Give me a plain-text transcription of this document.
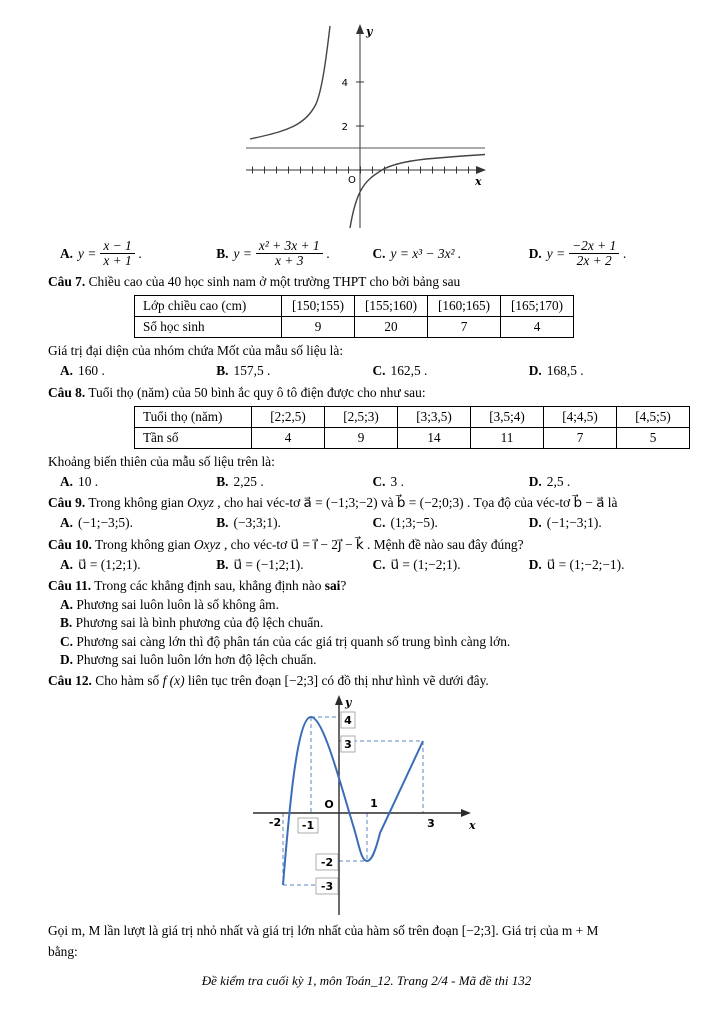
y
x
O
4
2
A. $y = \frac{x - 1}{x + 1}$ .	B. $y = \frac{\text{x² + 3x + 1}}{x + 3}$ .	C. y = x³ − 3x² .	D. $y = \frac{-2x + 1}{2x + 2}$ .
Câu 7. Chiều cao của 40 học sinh nam ở một trường THPT cho bởi bảng sau
Lớp chiều cao (cm)	[150;155)	[155;160)	[160;165)	[165;170)
Số học sinh	9	20	7	4
Giá trị đại diện của nhóm chứa Mốt của mẫu số liệu là:
A. 160 .	B. 157,5 .	C. 162,5 .	D. 168,5 .
Câu 8. Tuổi thọ (năm) của 50 bình ắc quy ô tô điện được cho như sau:
Tuổi thọ (năm)	[2;2,5)	[2,5;3)	[3;3,5)	[3,5;4)	[4;4,5)	[4,5;5)
Tần số	4	9	14	11	7	5
Khoảng biến thiên của mẫu số liệu trên là:
A. 10 .	B. 2,25 .	C. 3 .	D. 2,5 .
Câu 9. Trong không gian Oxyz , cho hai véc-tơ a⃗ = (−1;3;−2) và b⃗ = (−2;0;3) . Tọa độ của véc-tơ b⃗ − a⃗ là
A. (−1;−3;5).	B. (−3;3;1).	C. (1;3;−5).	D. (−1;−3;1).
Câu 10. Trong không gian Oxyz , cho véc-tơ u⃗ = i⃗ − 2j⃗ − k⃗ . Mệnh đề nào sau đây đúng?
A. u⃗ = (1;2;1).	B. u⃗ = (−1;2;1).	C. u⃗ = (1;−2;1).	D. u⃗ = (1;−2;−1).
Câu 11. Trong các khẳng định sau, khẳng định nào sai?
A. Phương sai luôn luôn là số không âm.
B. Phương sai là bình phương của độ lệch chuẩn.
C. Phương sai càng lớn thì độ phân tán của các giá trị quanh số trung bình càng lớn.
D. Phương sai luôn luôn lớn hơn độ lệch chuẩn.
Câu 12. Cho hàm số f (x) liên tục trên đoạn [−2;3] có đồ thị như hình vẽ dưới đây.
y
x
O
4
3
-2
-3
-2 -1
1
3
Gọi m, M lần lượt là giá trị nhỏ nhất và giá trị lớn nhất của hàm số trên đoạn [−2;3]. Giá trị của m + M
bằng:
Đề kiểm tra cuối kỳ 1, môn Toán_12. Trang 2/4 - Mã đề thi 132
